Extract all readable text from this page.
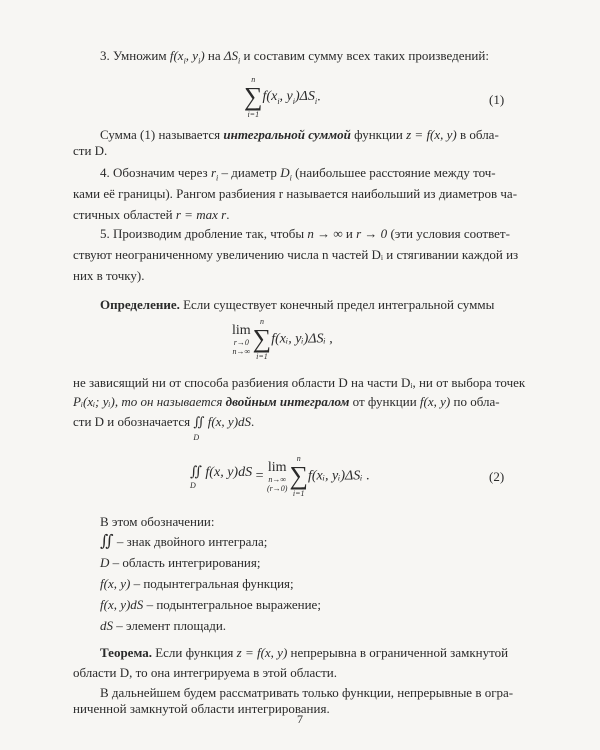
3. Умножим $f(x_i$, $y_i$) на $\Delta S_i$ и составим сумму всех таких произведений:

n
∑
i=1
$f(x_i$, $y_i)\Delta S_i$.	(1)

Сумма (1) называется интегральной суммой функции z = f(x, y) в обла-

сти D.

4. Обозначим через $r_i$ – диаметр $D_i$ (наибольшее расстояние между точ-

ками её границы). Рангом разбиения r называется наибольший из диаметров ча-

стичных областей r = max r.

5. Производим дробление так, чтобы n → ∞ и r → 0 (эти условия соответ-

ствуют неограниченному увеличению числа n частей Dᵢ и стягивании каждой из

них в точку).

Определение. Если существует конечный предел интегральной суммы

lim
r→0
n→∞
n
∑
i=1
f(xᵢ, yᵢ)ΔSᵢ ,

не зависящий ни от способа разбиения области D на части Dᵢ, ни от выбора точек

Pᵢ(xᵢ; yᵢ), то он называется двойным интегралом от функции f(x, y) по обла-

сти D и обозначается ∬ f(x, y)dS
D
.

∬ f(x, y)dS
D
=
lim
n→∞
(r→0)
n
∑
i=1
f(xᵢ, yᵢ)ΔSᵢ .	(2)

В этом обозначении:

∬ – знак двойного интеграла;

D – область интегрирования;

f(x, y) – подынтегральная функция;

f(x, y)dS – подынтегральное выражение;

dS – элемент площади.

Теорема. Если функция z = f(x, y) непрерывна в ограниченной замкнутой

области D, то она интегрируема в этой области.

В дальнейшем будем рассматривать только функции, непрерывные в огра-

ниченной замкнутой области интегрирования.

7
